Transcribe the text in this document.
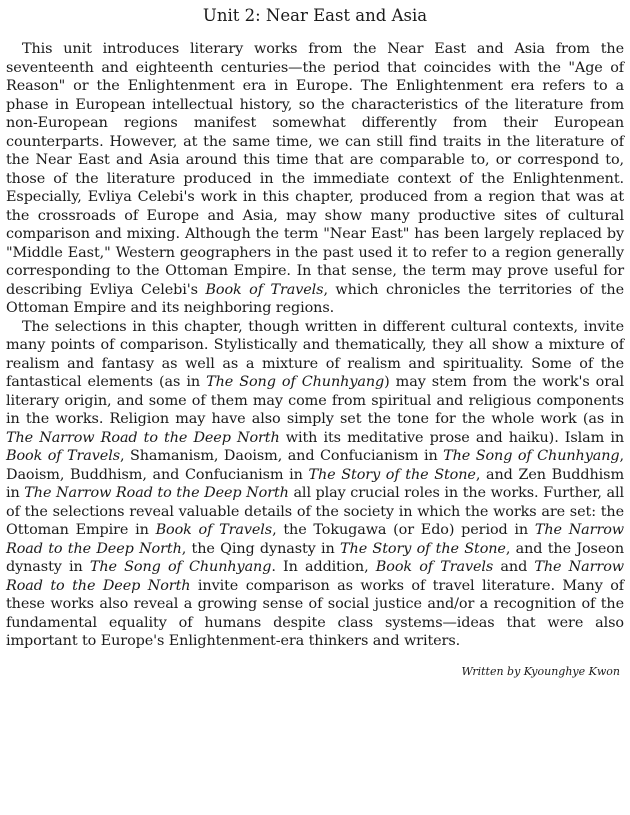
Unit 2: Near East and Asia

This unit introduces literary works from the Near East and Asia from the seventeenth and eighteenth centuries—the period that coincides with the "Age of Reason" or the Enlightenment era in Europe. The Enlightenment era refers to a phase in European intellectual history, so the characteristics of the literature from non-European regions manifest somewhat differently from their European counterparts. However, at the same time, we can still find traits in the literature of the Near East and Asia around this time that are comparable to, or correspond to, those of the literature produced in the immediate context of the Enlightenment. Especially, Evliya Celebi's work in this chapter, produced from a region that was at the crossroads of Europe and Asia, may show many productive sites of cultural comparison and mixing. Although the term "Near East" has been largely replaced by "Middle East," Western geographers in the past used it to refer to a region generally corresponding to the Ottoman Empire. In that sense, the term may prove useful for describing Evliya Celebi's Book of Travels, which chronicles the territories of the Ottoman Empire and its neighboring regions.

The selections in this chapter, though written in different cultural contexts, invite many points of comparison. Stylistically and thematically, they all show a mixture of realism and fantasy as well as a mixture of realism and spirituality. Some of the fantastical elements (as in The Song of Chunhyang) may stem from the work's oral literary origin, and some of them may come from spiritual and religious components in the works. Religion may have also simply set the tone for the whole work (as in The Narrow Road to the Deep North with its meditative prose and haiku). Islam in Book of Travels, Shamanism, Daoism, and Confucianism in The Song of Chunhyang, Daoism, Buddhism, and Confucianism in The Story of the Stone, and Zen Buddhism in The Narrow Road to the Deep North all play crucial roles in the works. Further, all of the selections reveal valuable details of the society in which the works are set: the Ottoman Empire in Book of Travels, the Tokugawa (or Edo) period in The Narrow Road to the Deep North, the Qing dynasty in The Story of the Stone, and the Joseon dynasty in The Song of Chunhyang. In addition, Book of Travels and The Narrow Road to the Deep North invite comparison as works of travel literature. Many of these works also reveal a growing sense of social justice and/or a recognition of the fundamental equality of humans despite class systems—ideas that were also important to Europe's Enlightenment-era thinkers and writers.

Written by Kyounghye Kwon
